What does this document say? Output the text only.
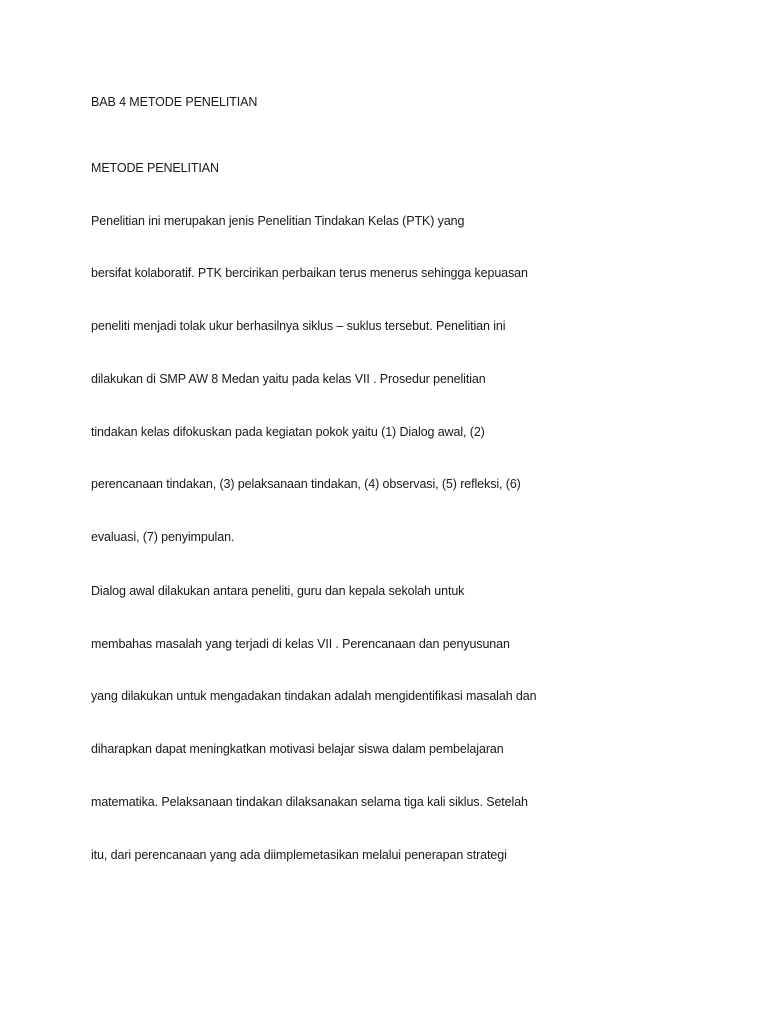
BAB 4 METODE PENELITIAN
METODE PENELITIAN
Penelitian ini merupakan jenis Penelitian Tindakan Kelas (PTK) yang
bersifat kolaboratif. PTK bercirikan perbaikan terus menerus sehingga kepuasan
peneliti menjadi tolak ukur berhasilnya siklus – suklus tersebut. Penelitian ini
dilakukan di SMP AW 8 Medan yaitu pada kelas VII . Prosedur penelitian
tindakan kelas difokuskan pada kegiatan pokok yaitu (1) Dialog awal, (2)
perencanaan tindakan, (3) pelaksanaan tindakan, (4) observasi, (5) refleksi, (6)
evaluasi, (7) penyimpulan.
Dialog awal dilakukan antara peneliti, guru dan kepala sekolah untuk
membahas masalah yang terjadi di kelas VII . Perencanaan dan penyusunan
yang dilakukan untuk mengadakan tindakan adalah mengidentifikasi masalah dan
diharapkan dapat meningkatkan motivasi belajar siswa dalam pembelajaran
matematika. Pelaksanaan tindakan dilaksanakan selama tiga kali siklus. Setelah
itu, dari perencanaan yang ada diimplemetasikan melalui penerapan strategi
